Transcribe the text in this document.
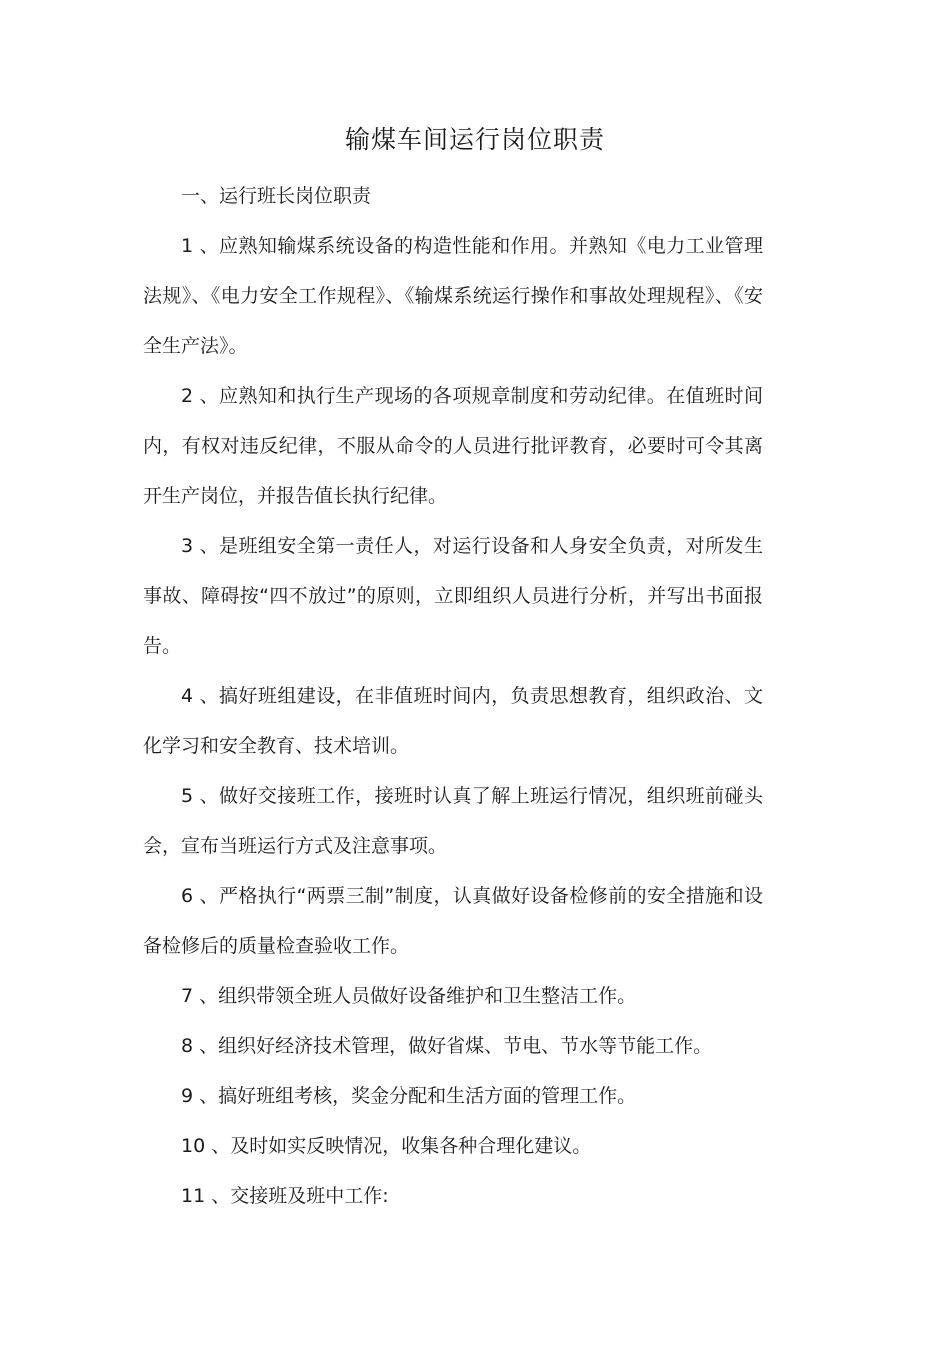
输煤车间运行岗位职责

一、运行班长岗位职责

1 、应熟知输煤系统设备的构造性能和作用。并熟知《电力工业管理法规》、《电力安全工作规程》、《输煤系统运行操作和事故处理规程》、《安全生产法》。

2 、应熟知和执行生产现场的各项规章制度和劳动纪律。在值班时间内，有权对违反纪律，不服从命令的人员进行批评教育，必要时可令其离开生产岗位，并报告值长执行纪律。

3 、是班组安全第一责任人，对运行设备和人身安全负责，对所发生事故、障碍按“四不放过”的原则，立即组织人员进行分析，并写出书面报告。

4 、搞好班组建设，在非值班时间内，负责思想教育，组织政治、文化学习和安全教育、技术培训。

5 、做好交接班工作，接班时认真了解上班运行情况，组织班前碰头会，宣布当班运行方式及注意事项。

6 、严格执行“两票三制”制度，认真做好设备检修前的安全措施和设备检修后的质量检查验收工作。

7 、组织带领全班人员做好设备维护和卫生整洁工作。

8 、组织好经济技术管理，做好省煤、节电、节水等节能工作。

9 、搞好班组考核，奖金分配和生活方面的管理工作。

10 、及时如实反映情况，收集各种合理化建议。

11 、交接班及班中工作:
